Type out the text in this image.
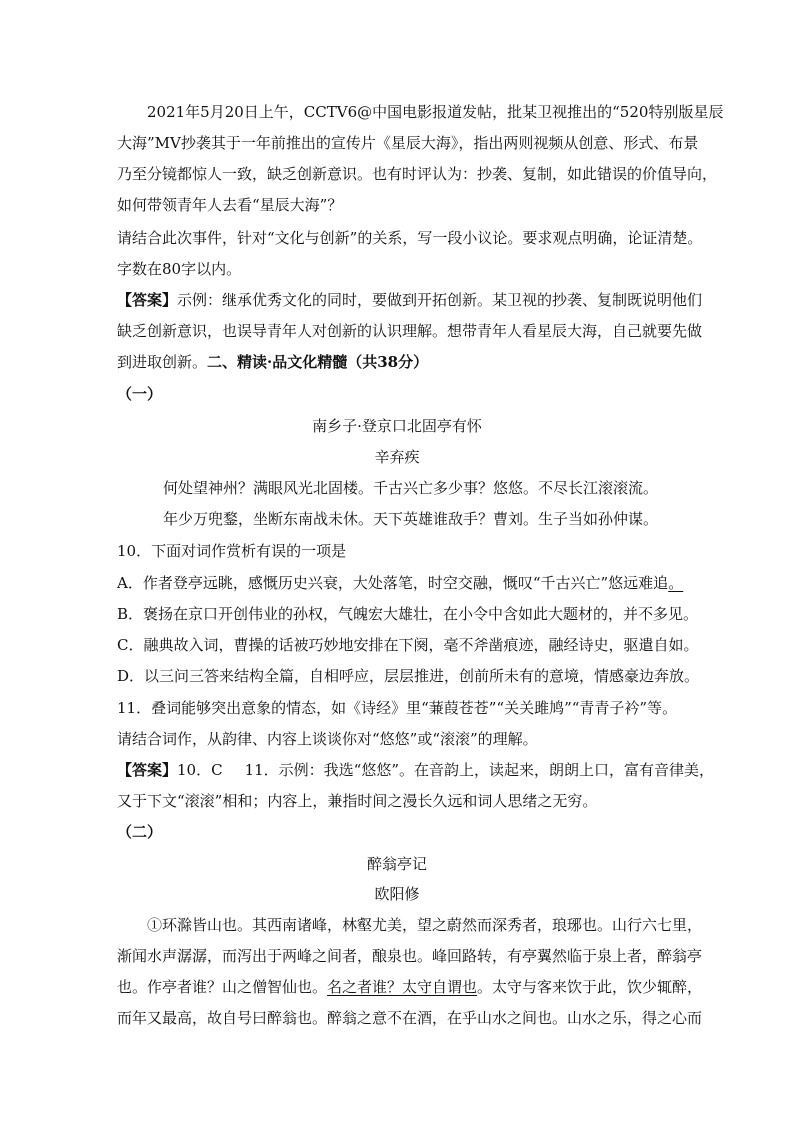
2021年5月20日上午，CCTV6@中国电影报道发帖，批某卫视推出的“520特别版星辰

大海”MV抄袭其于一年前推出的宣传片《星辰大海》，指出两则视频从创意、形式、布景

乃至分镜都惊人一致，缺乏创新意识。也有时评认为：抄袭、复制，如此错误的价值导向，

如何带领青年人去看“星辰大海”？

请结合此次事件，针对“文化与创新”的关系，写一段小议论。要求观点明确，论证清楚。

字数在80字以内。

【答案】示例：继承优秀文化的同时，要做到开拓创新。某卫视的抄袭、复制既说明他们

缺乏创新意识，也误导青年人对创新的认识理解。想带青年人看星辰大海，自己就要先做

到进取创新。二、精读·品文化精髓（共38分）

（一）

南乡子·登京口北固亭有怀

辛弃疾

何处望神州？满眼风光北固楼。千古兴亡多少事？悠悠。不尽长江滚滚流。

年少万兜鍪，坐断东南战未休。天下英雄谁敌手？曹刘。生子当如孙仲谋。

10．下面对词作赏析有误的一项是

A．作者登亭远眺，感慨历史兴衰，大处落笔，时空交融，慨叹“千古兴亡”悠远难追。

B．褒扬在京口开创伟业的孙权，气魄宏大雄壮，在小令中含如此大题材的，并不多见。

C．融典故入词，曹操的话被巧妙地安排在下阕，毫不斧凿痕迹，融经诗史，驱遣自如。

D．以三问三答来结构全篇，自相呼应，层层推进，创前所未有的意境，情感豪边奔放。

11．叠词能够突出意象的情态，如《诗经》里“蒹葭苍苍”“关关雎鸠”“青青子衿”等。

请结合词作，从韵律、内容上谈谈你对“悠悠”或“滚滚”的理解。

【答案】10．C 11．示例：我选“悠悠”。在音韵上，读起来，朗朗上口，富有音律美，

又于下文“滚滚”相和；内容上，兼指时间之漫长久远和词人思绪之无穷。

（二）

醉翁亭记

欧阳修

①环滁皆山也。其西南诸峰，林壑尤美，望之蔚然而深秀者，琅琊也。山行六七里，

渐闻水声潺潺，而泻出于两峰之间者，酿泉也。峰回路转，有亭翼然临于泉上者，醉翁亭

也。作亭者谁？山之僧智仙也。名之者谁？太守自谓也。太守与客来饮于此，饮少辄醉，

而年又最高，故自号曰醉翁也。醉翁之意不在酒，在乎山水之间也。山水之乐，得之心而
